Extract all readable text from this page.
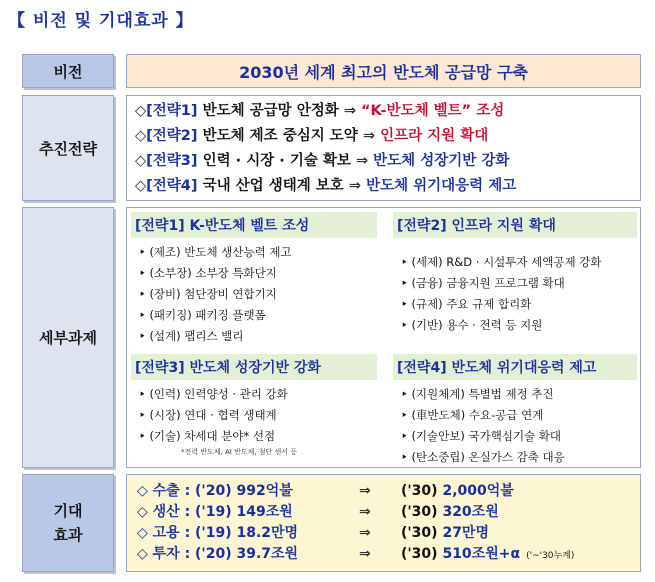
【 비전 및 기대효과 】
비전	2030년 세계 최고의 반도체 공급망 구축
추진전략
◇[전략1] 반도체 공급망 안정화 ⇒ “K-반도체 벨트” 조성
◇[전략2] 반도체 제조 중심지 도약 ⇒ 인프라 지원 확대
◇[전략3] 인력 · 시장 · 기술 확보 ⇒ 반도체 성장기반 강화
◇[전략4] 국내 산업 생태계 보호 ⇒ 반도체 위기대응력 제고
세부과제
[전략1] K-반도체 벨트 조성
‣ (제조) 반도체 생산능력 제고
‣ (소부장) 소부장 특화단지
‣ (장비) 첨단장비 연합기지
‣ (패키징) 패키징 플랫폼
‣ (설계) 팹리스 밸리
[전략2] 인프라 지원 확대
‣ (세제) R&D · 시설투자 세액공제 강화
‣ (금융) 금융지원 프로그램 확대
‣ (규제) 주요 규제 합리화
‣ (기반) 용수 · 전력 등 지원
[전략3] 반도체 성장기반 강화
‣ (인력) 인력양성 · 관리 강화
‣ (시장) 연대 · 협력 생태계
‣ (기술) 차세대 분야* 선점
*전력 반도체, AI 반도체, 첨단 센서 등
[전략4] 반도체 위기대응력 제고
‣ (지원체계) 특별법 제정 추진
‣ (車반도체) 수요-공급 연계
‣ (기술안보) 국가핵심기술 확대
‣ (탄소중립) 온실가스 감축 대응
기대
효과
◇ 수출 : ('20) 992억불	⇒	('30) 2,000억불
◇ 생산 : ('19) 149조원	⇒	('30) 320조원
◇ 고용 : ('19) 18.2만명	⇒	('30) 27만명
◇ 투자 : ('20) 39.7조원	⇒	('30) 510조원+α ('~'30누계)
